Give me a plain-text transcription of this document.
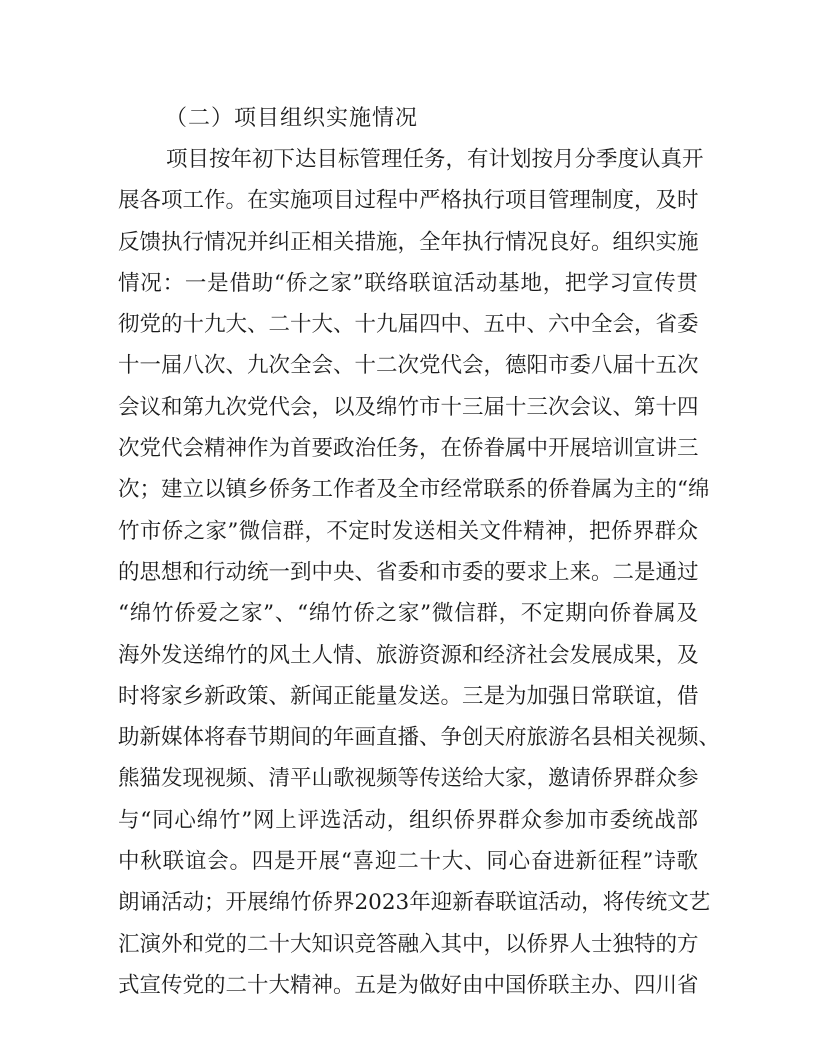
（二）项目组织实施情况
项目按年初下达目标管理任务，有计划按月分季度认真开
展各项工作。在实施项目过程中严格执行项目管理制度，及时
反馈执行情况并纠正相关措施，全年执行情况良好。组织实施
情况：一是借助“侨之家”联络联谊活动基地，把学习宣传贯
彻党的十九大、二十大、十九届四中、五中、六中全会，省委
十一届八次、九次全会、十二次党代会，德阳市委八届十五次
会议和第九次党代会，以及绵竹市十三届十三次会议、第十四
次党代会精神作为首要政治任务，在侨眷属中开展培训宣讲三
次；建立以镇乡侨务工作者及全市经常联系的侨眷属为主的“绵
竹市侨之家”微信群，不定时发送相关文件精神，把侨界群众
的思想和行动统一到中央、省委和市委的要求上来。二是通过
“绵竹侨爱之家”、“绵竹侨之家”微信群，不定期向侨眷属及
海外发送绵竹的风土人情、旅游资源和经济社会发展成果，及
时将家乡新政策、新闻正能量发送。三是为加强日常联谊，借
助新媒体将春节期间的年画直播、争创天府旅游名县相关视频、
熊猫发现视频、清平山歌视频等传送给大家，邀请侨界群众参
与“同心绵竹”网上评选活动，组织侨界群众参加市委统战部
中秋联谊会。四是开展“喜迎二十大、同心奋进新征程”诗歌
朗诵活动；开展绵竹侨界2023年迎新春联谊活动，将传统文艺
汇演外和党的二十大知识竞答融入其中，以侨界人士独特的方
式宣传党的二十大精神。五是为做好由中国侨联主办、四川省
